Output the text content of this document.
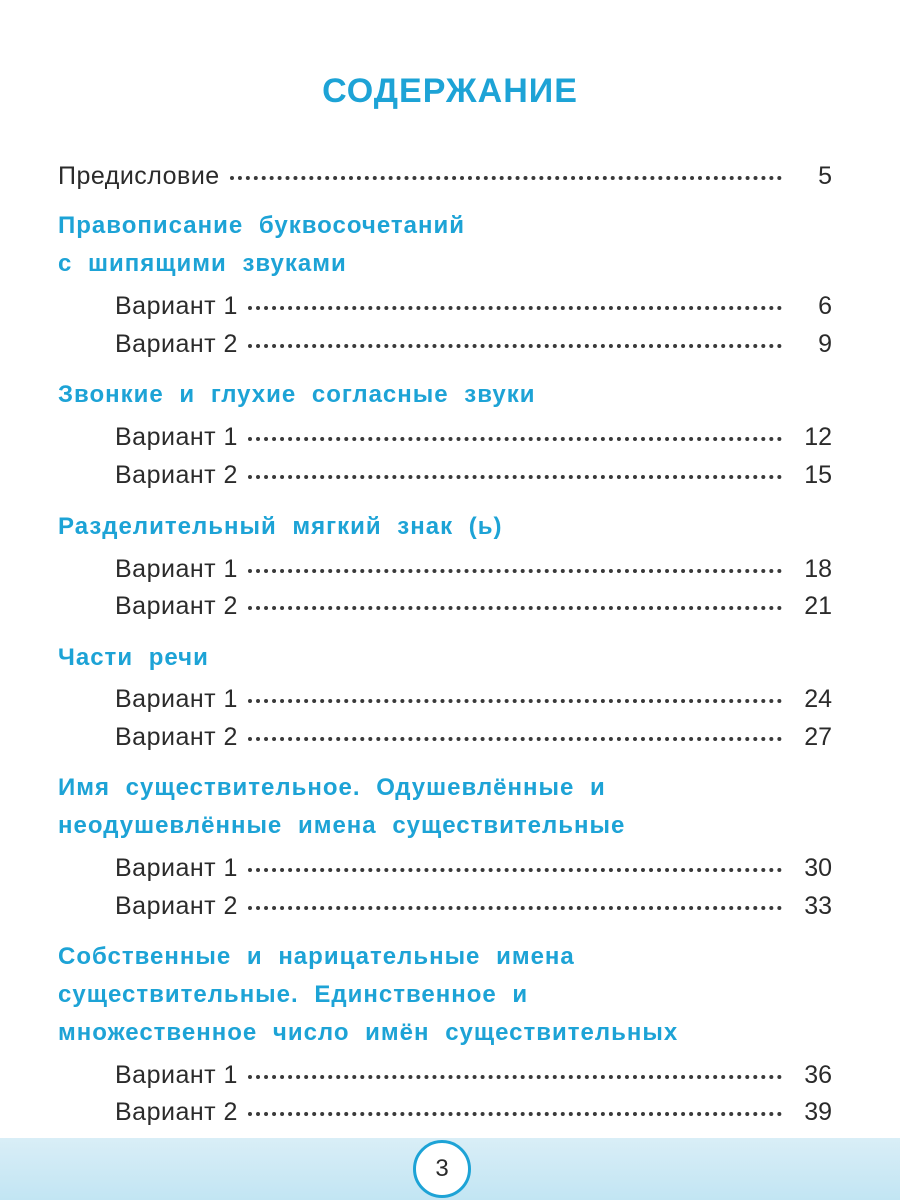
СОДЕРЖАНИЕ
Предисловие	5
Правописание буквосочетаний
с шипящими звуками
Вариант 1	6
Вариант 2	9
Звонкие и глухие согласные звуки
Вариант 1	12
Вариант 2	15
Разделительный мягкий знак (ь)
Вариант 1	18
Вариант 2	21
Части речи
Вариант 1	24
Вариант 2	27
Имя существительное. Одушевлённые и
неодушевлённые имена существительные
Вариант 1	30
Вариант 2	33
Собственные и нарицательные имена
существительные. Единственное и
множественное число имён существительных
Вариант 1	36
Вариант 2	39
3
